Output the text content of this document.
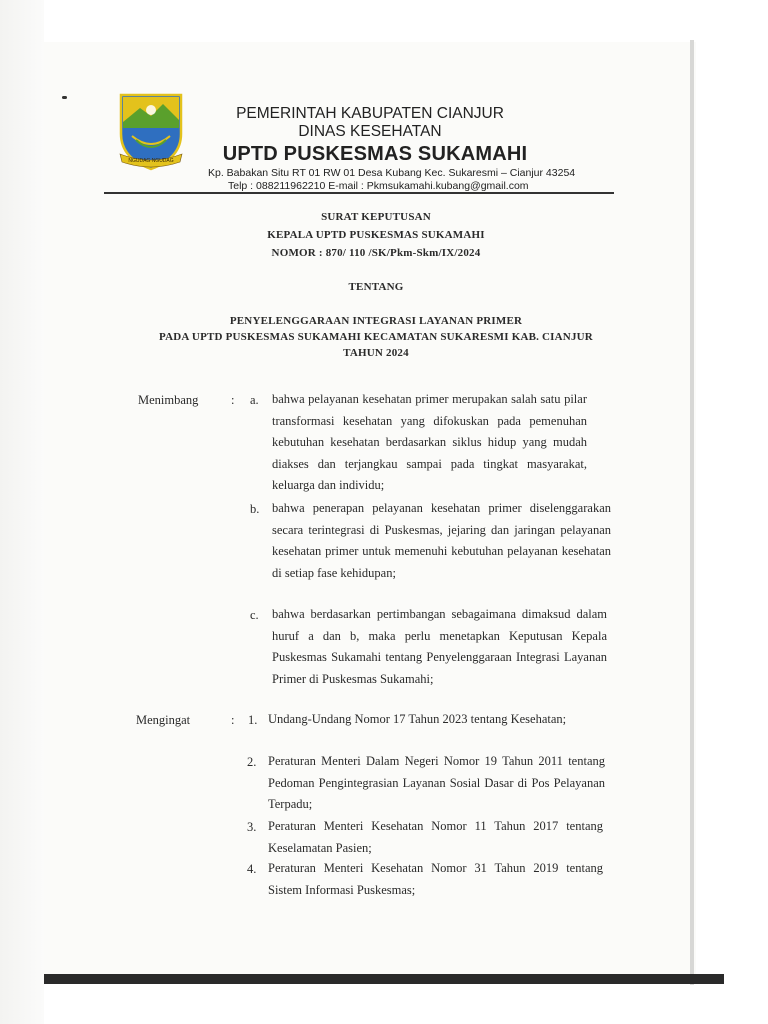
NGUDAG NGUDAG
PEMERINTAH KABUPATEN CIANJUR
DINAS KESEHATAN
UPTD PUSKESMAS SUKAMAHI
Kp. Babakan Situ RT 01 RW 01 Desa Kubang Kec. Sukaresmi – Cianjur 43254
Telp : 088211962210 E-mail : Pkmsukamahi.kubang@gmail.com
SURAT KEPUTUSAN
KEPALA UPTD PUSKESMAS SUKAMAHI
NOMOR : 870/ 110 /SK/Pkm-Skm/IX/2024
TENTANG
PENYELENGGARAAN INTEGRASI LAYANAN PRIMER
PADA UPTD PUSKESMAS SUKAMAHI KECAMATAN SUKARESMI KAB. CIANJUR
TAHUN 2024
Menimbang	: a. bahwa pelayanan kesehatan primer merupakan salah satu pilar transformasi kesehatan yang difokuskan pada pemenuhan kebutuhan kesehatan berdasarkan siklus hidup yang mudah diakses dan terjangkau sampai pada tingkat masyarakat, keluarga dan individu;
b. bahwa penerapan pelayanan kesehatan primer diselenggarakan secara terintegrasi di Puskesmas, jejaring dan jaringan pelayanan kesehatan primer untuk memenuhi kebutuhan pelayanan kesehatan di setiap fase kehidupan;
c. bahwa berdasarkan pertimbangan sebagaimana dimaksud dalam huruf a dan b, maka perlu menetapkan Keputusan Kepala Puskesmas Sukamahi tentang Penyelenggaraan Integrasi Layanan Primer di Puskesmas Sukamahi;
Mengingat	: 1. Undang-Undang Nomor 17 Tahun 2023 tentang Kesehatan;
2. Peraturan Menteri Dalam Negeri Nomor 19 Tahun 2011 tentang Pedoman Pengintegrasian Layanan Sosial Dasar di Pos Pelayanan Terpadu;
3. Peraturan Menteri Kesehatan Nomor 11 Tahun 2017 tentang Keselamatan Pasien;
4. Peraturan Menteri Kesehatan Nomor 31 Tahun 2019 tentang Sistem Informasi Puskesmas;
